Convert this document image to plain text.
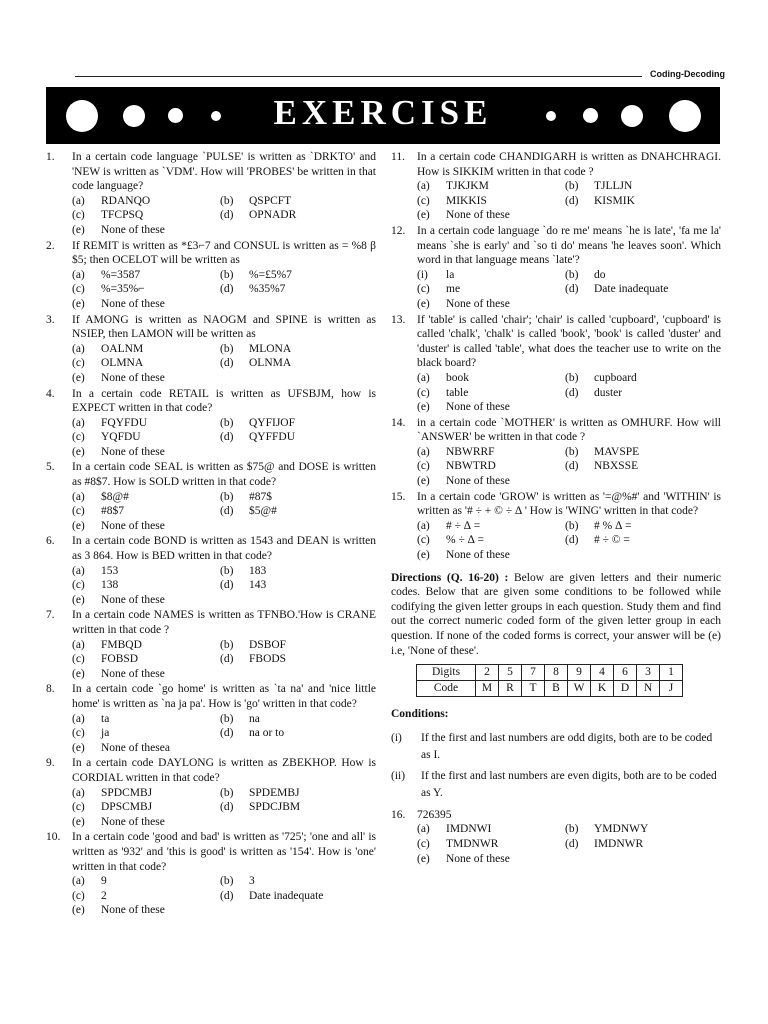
Coding-Decoding
EXERCISE
1. In a certain code language `PULSE' is written as `DRKTO' and 'NEW is written as `VDM'. How will 'PROBES' be written in that code language?
(a) RDANQO	(b) QSPCFT
(c) TFCPSQ	(d) OPNADR
(e) None of these
2. If REMIT is written as *£3⌐7 and CONSUL is written as = %8 β $5; then OCELOT will be written as
(a) %=3587	(b) %=£5%7
(c) %=35%⌐	(d) %35%7
(e) None of these
3. If AMONG is written as NAOGM and SPINE is written as NSIEP, then LAMON will be written as
(a) OALNM	(b) MLONA
(c) OLMNA	(d) OLNMA
(e) None of these
4. In a certain code RETAIL is written as UFSBJM, how is EXPECT written in that code?
(a) FQYFDU	(b) QYFIJOF
(c) YQFDU	(d) QYFFDU
(e) None of these
5. In a certain code SEAL is written as $75@ and DOSE is written as #8$7. How is SOLD written in that code?
(a) $8@#	(b) #87$
(c) #8$7	(d) $5@#
(e) None of these
6. In a certain code BOND is written as 1543 and DEAN is written as 3 864. How is BED written in that code?
(a) 153	(b) 183
(c) 138	(d) 143
(e) None of these
7. In a certain code NAMES is written as TFNBO.'How is CRANE written in that code ?
(a) FMBQD	(b) DSBOF
(c) FOBSD	(d) FBODS
(e) None of these
8. In a certain code `go home' is written as `ta na' and 'nice little home' is written as `na ja pa'. How is 'go' written in that code?
(a) ta	(b) na
(c) ja	(d) na or to
(e) None of thesea
9. In a certain code DAYLONG is written as ZBEKHOP. How is CORDIAL written in that code?
(a) SPDCMBJ	(b) SPDEMBJ
(c) DPSCMBJ	(d) SPDCJBM
(e) None of these
10. In a certain code 'good and bad' is written as '725'; 'one and all' is written as '932' and 'this is good' is written as '154'. How is 'one' written in that code?
(a) 9	(b) 3
(c) 2	(d) Date inadequate
(e) None of these
11. In a certain code CHANDIGARH is written as DNAHCHRAGI. How is SIKKIM written in that code ?
(a) TJKJKM	(b) TJLLJN
(c) MIKKIS	(d) KISMIK
(e) None of these
12. In a certain code language `do re me' means `he is late', 'fa me la' means `she is early' and `so ti do' means 'he leaves soon'. Which word in that language means `late'?
(i) la	(b) do
(c) me	(d) Date inadequate
(e) None of these
13. If 'table' is called 'chair'; 'chair' is called 'cupboard', 'cupboard' is called 'chalk', 'chalk' is called 'book', 'book' is called 'duster' and 'duster' is called 'table', what does the teacher use to write on the black board?
(a) book	(b) cupboard
(c) table	(d) duster
(e) None of these
14. in a certain code `MOTHER' is written as OMHURF. How will `ANSWER' be written in that code ?
(a) NBWRRF	(b) MAVSPE
(c) NBWTRD	(d) NBXSSE
(e) None of these
15. In a certain code 'GROW' is written as '=@%#' and 'WITHIN' is written as '# ÷ + © ÷ ∆ ' How is 'WING' written in that code?
(a) # ÷ ∆ =	(b) # % ∆ =
(c) % ÷ ∆ =	(d) # ÷ © =
(e) None of these
Directions (Q. 16-20) : Below are given letters and their numeric codes. Below that are given some conditions to be followed while codifying the given letter groups in each question. Study them and find out the correct numeric coded form of the given letter group in each question. If none of the coded forms is correct, your answer will be (e) i.e, 'None of these'.
Digits	2	5	7	8	9	4	6	3	1
Code	M	R	T	B	W	K	D	N	J
Conditions:
(i) If the first and last numbers are odd digits, both are to be coded as I.
(ii) If the first and last numbers are even digits, both are to be coded as Y.
16. 726395
(a) IMDNWI	(b) YMDNWY
(c) TMDNWR	(d) IMDNWR
(e) None of these
